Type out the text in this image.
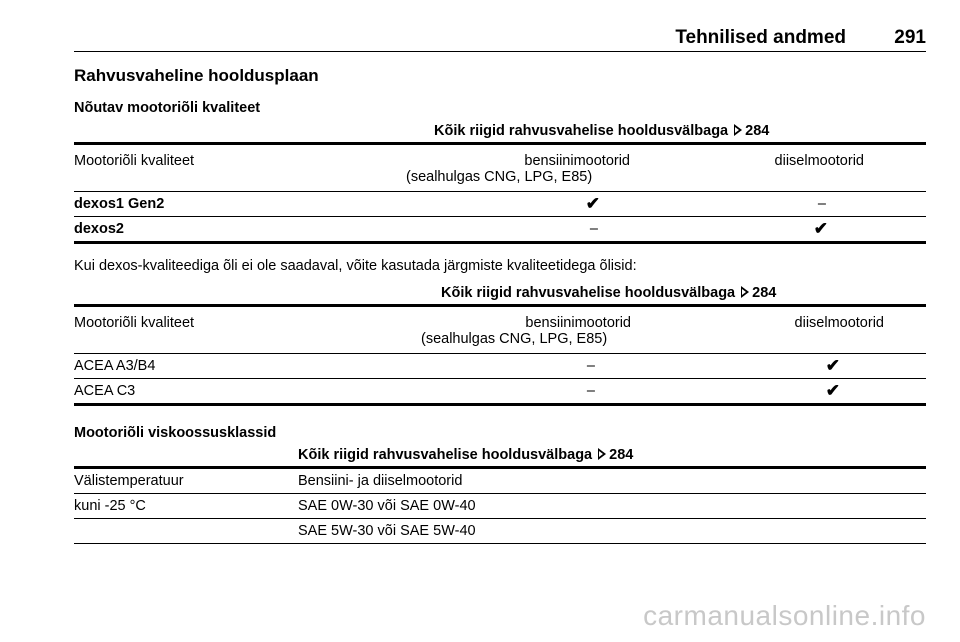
Tehnilised andmed	291
Rahvusvaheline hooldusplaan
Nõutav mootoriõli kvaliteet
	Kõik riigid rahvusvahelise hooldusvälbaga 284	
Mootoriõli kvaliteet	bensiinimootorid	diiselmootorid
	(sealhulgas CNG, LPG, E85)	
dexos1 Gen2	✔	–
dexos2	–	✔
Kui dexos-kvaliteediga õli ei ole saadaval, võite kasutada järgmiste kvaliteetidega õlisid:
	Kõik riigid rahvusvahelise hooldusvälbaga 284	
Mootoriõli kvaliteet	bensiinimootorid	diiselmootorid
	(sealhulgas CNG, LPG, E85)	
ACEA A3/B4	–	✔
ACEA C3	–	✔
Mootoriõli viskoossusklassid
	Kõik riigid rahvusvahelise hooldusvälbaga 284
Välistemperatuur	Bensiini- ja diiselmootorid
kuni -25 °C	SAE 0W-30 või SAE 0W-40
	SAE 5W-30 või SAE 5W-40
carmanualsonline.info
